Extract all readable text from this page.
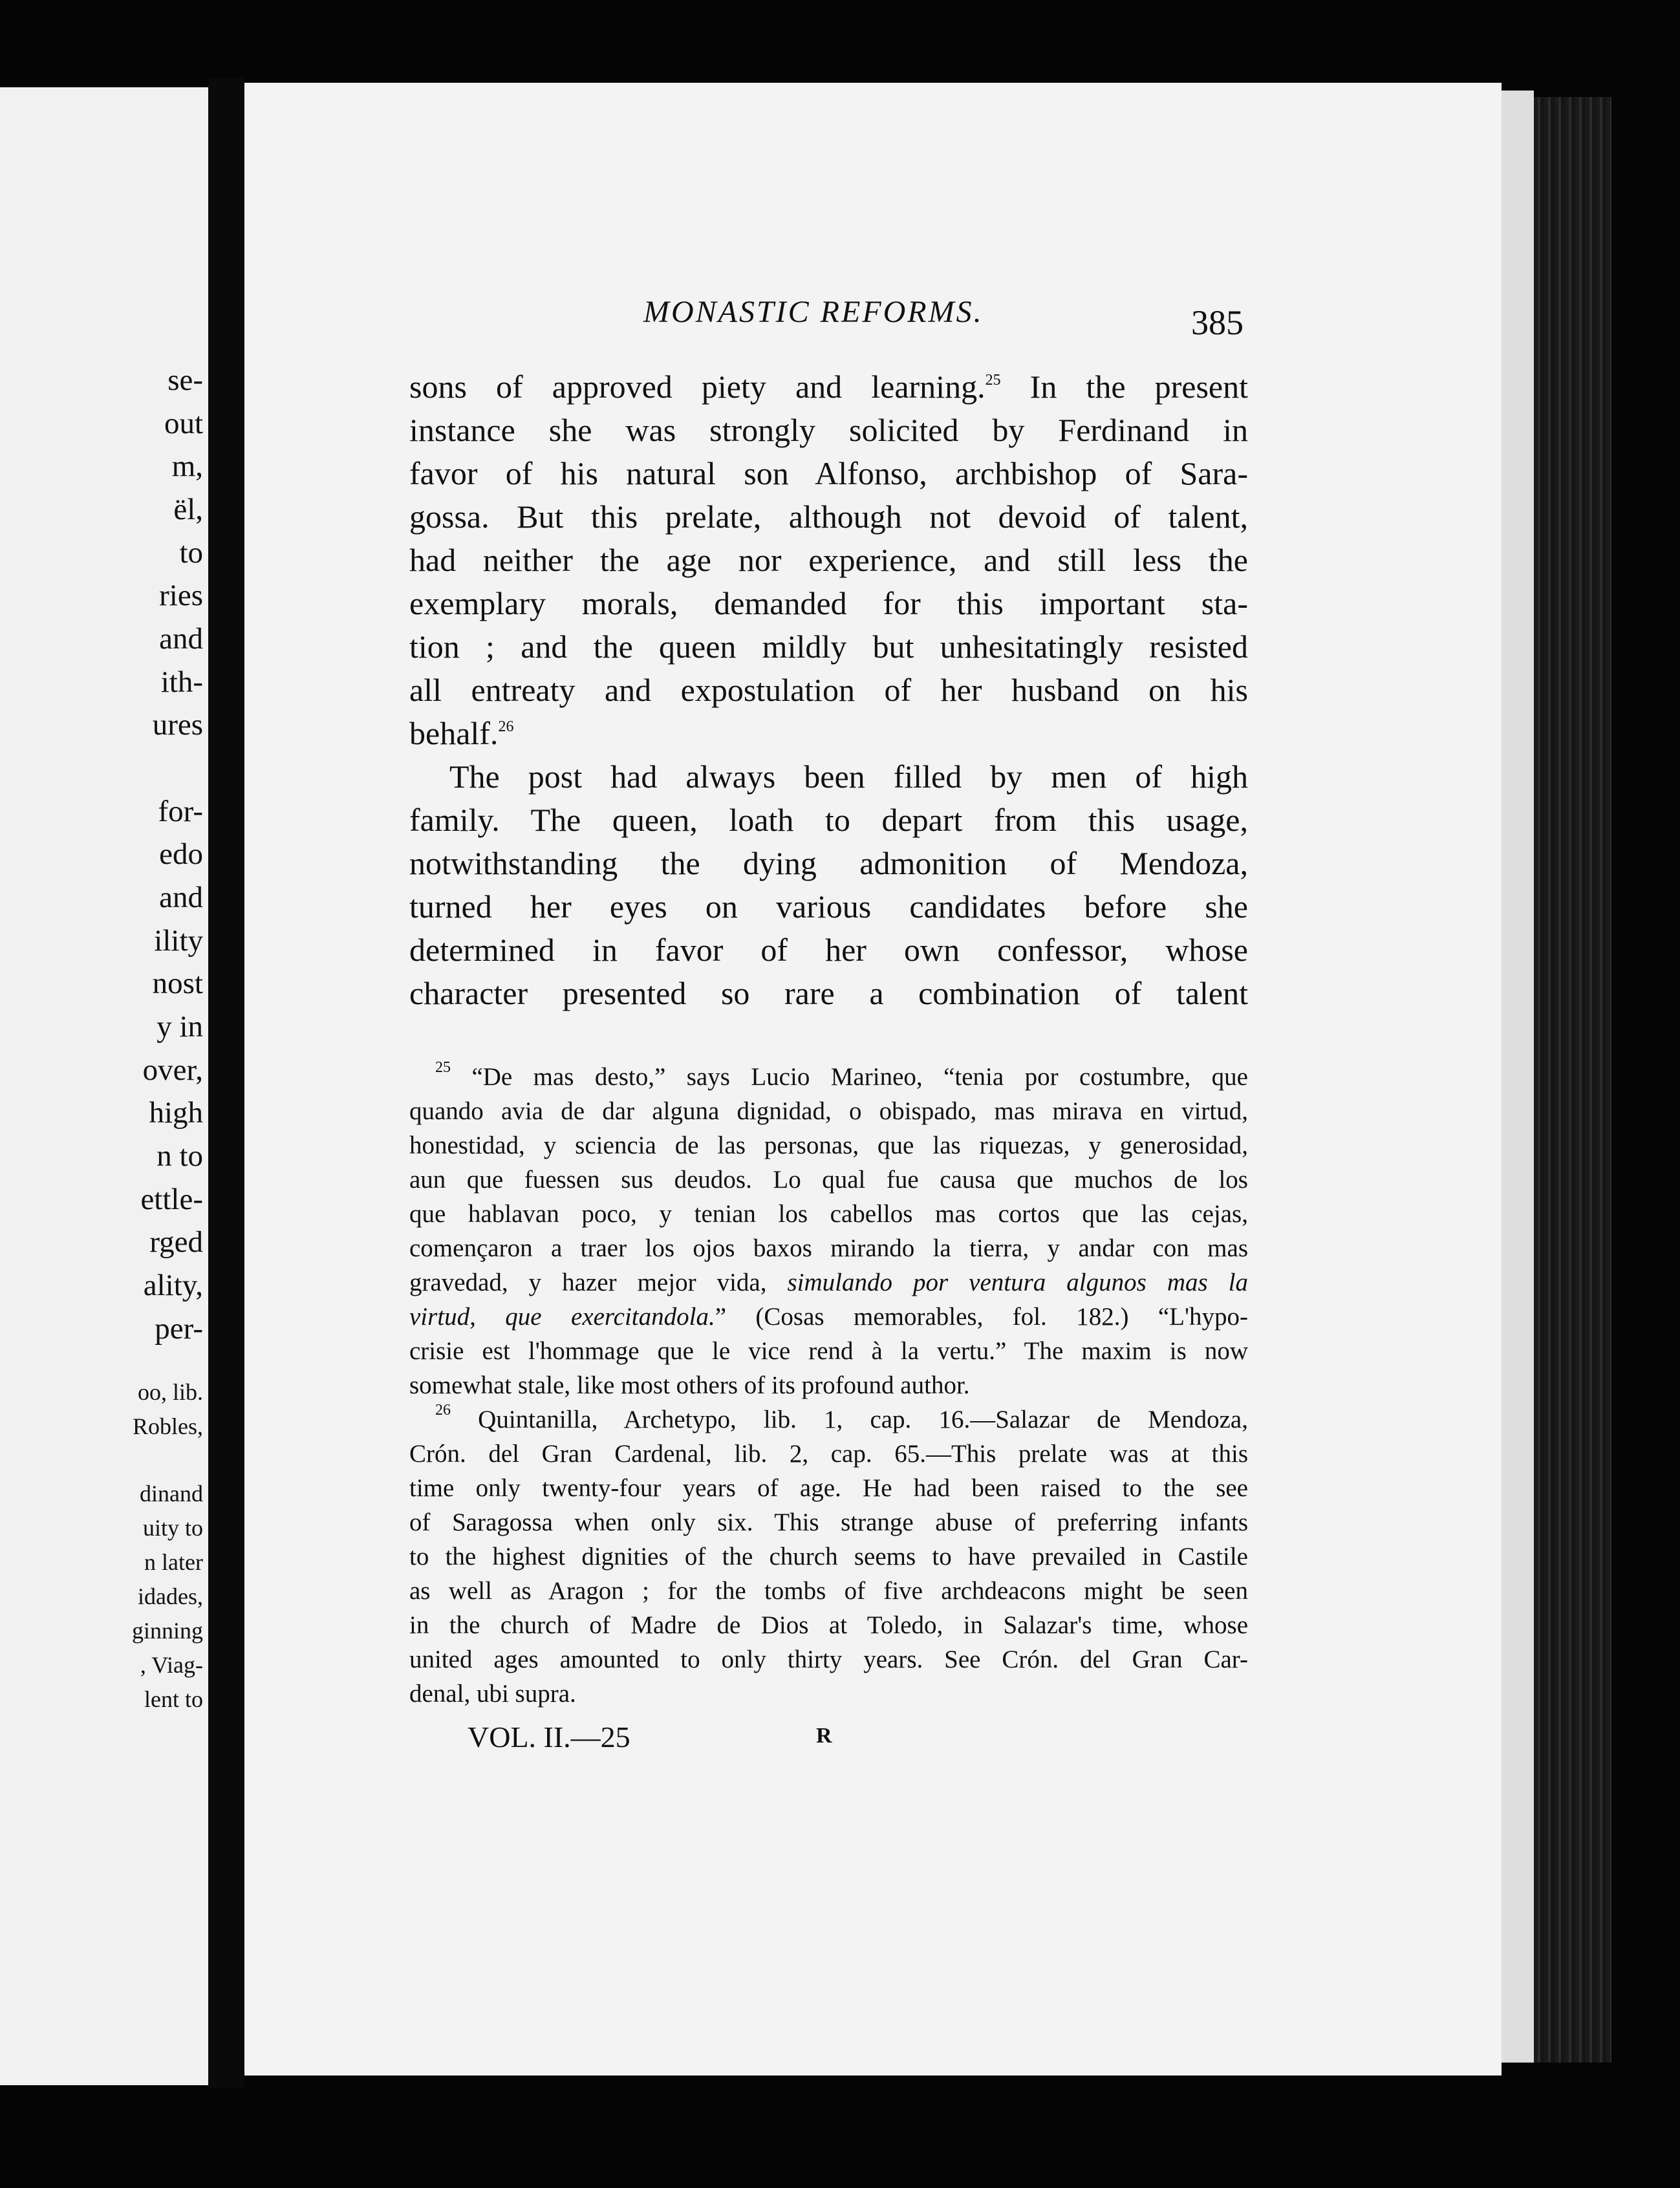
se-
out
m,
ël,
to
ries
and
ith-
ures
for-
edo
and
ility
nost
y in
over,
high
n to
ettle-
rged
ality,
per-
oo, lib.
Robles,
dinand
uity to
n later
idades,
ginning
, Viag-
lent to
MONASTIC REFORMS.	385
sons of approved piety and learning.$^{25}$ In the present
instance she was strongly solicited by Ferdinand in
favor of his natural son Alfonso, archbishop of Sara-
gossa. But this prelate, although not devoid of talent,
had neither the age nor experience, and still less the
exemplary morals, demanded for this important sta-
tion ; and the queen mildly but unhesitatingly resisted
all entreaty and expostulation of her husband on his
behalf.$^{26}$
The post had always been filled by men of high
family. The queen, loath to depart from this usage,
notwithstanding the dying admonition of Mendoza,
turned her eyes on various candidates before she
determined in favor of her own confessor, whose
character presented so rare a combination of talent
$^{25}$ “De mas desto,” says Lucio Marineo, “tenia por costumbre, que
quando avia de dar alguna dignidad, o obispado, mas mirava en virtud,
honestidad, y sciencia de las personas, que las riquezas, y generosidad,
aun que fuessen sus deudos. Lo qual fue causa que muchos de los
que hablavan poco, y tenian los cabellos mas cortos que las cejas,
començaron a traer los ojos baxos mirando la tierra, y andar con mas
gravedad, y hazer mejor vida, simulando por ventura algunos mas la
virtud, que exercitandola.” (Cosas memorables, fol. 182.) “L'hypo-
crisie est l'hommage que le vice rend à la vertu.” The maxim is now
somewhat stale, like most others of its profound author.
$^{26}$ Quintanilla, Archetypo, lib. 1, cap. 16.—Salazar de Mendoza,
Crón. del Gran Cardenal, lib. 2, cap. 65.—This prelate was at this
time only twenty-four years of age. He had been raised to the see
of Saragossa when only six. This strange abuse of preferring infants
to the highest dignities of the church seems to have prevailed in Castile
as well as Aragon ; for the tombs of five archdeacons might be seen
in the church of Madre de Dios at Toledo, in Salazar's time, whose
united ages amounted to only thirty years. See Crón. del Gran Car-
denal, ubi supra.
VOL. II.—25	R
